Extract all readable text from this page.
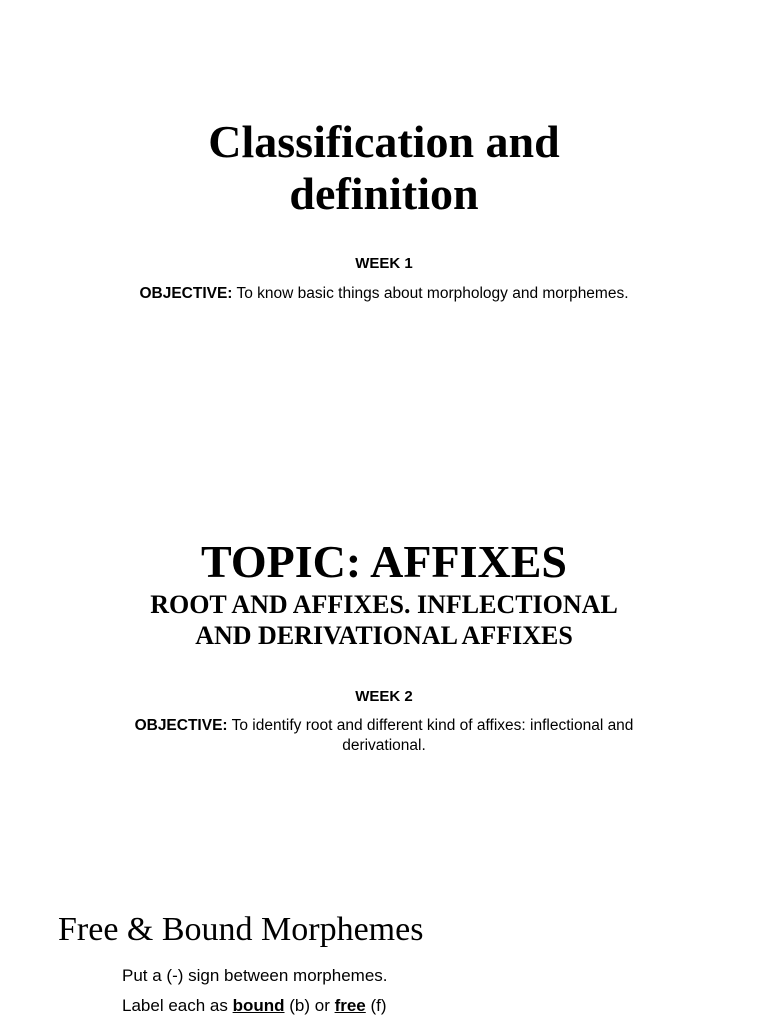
Classification and

definition

WEEK 1

OBJECTIVE: To know basic things about morphology and morphemes.

TOPIC: AFFIXES

ROOT AND AFFIXES. INFLECTIONAL

AND DERIVATIONAL AFFIXES

WEEK 2

OBJECTIVE: To identify root and different kind of affixes: inflectional and

derivational.

Free & Bound Morphemes

Put a (-) sign between morphemes.

Label each as bound (b) or free (f)
